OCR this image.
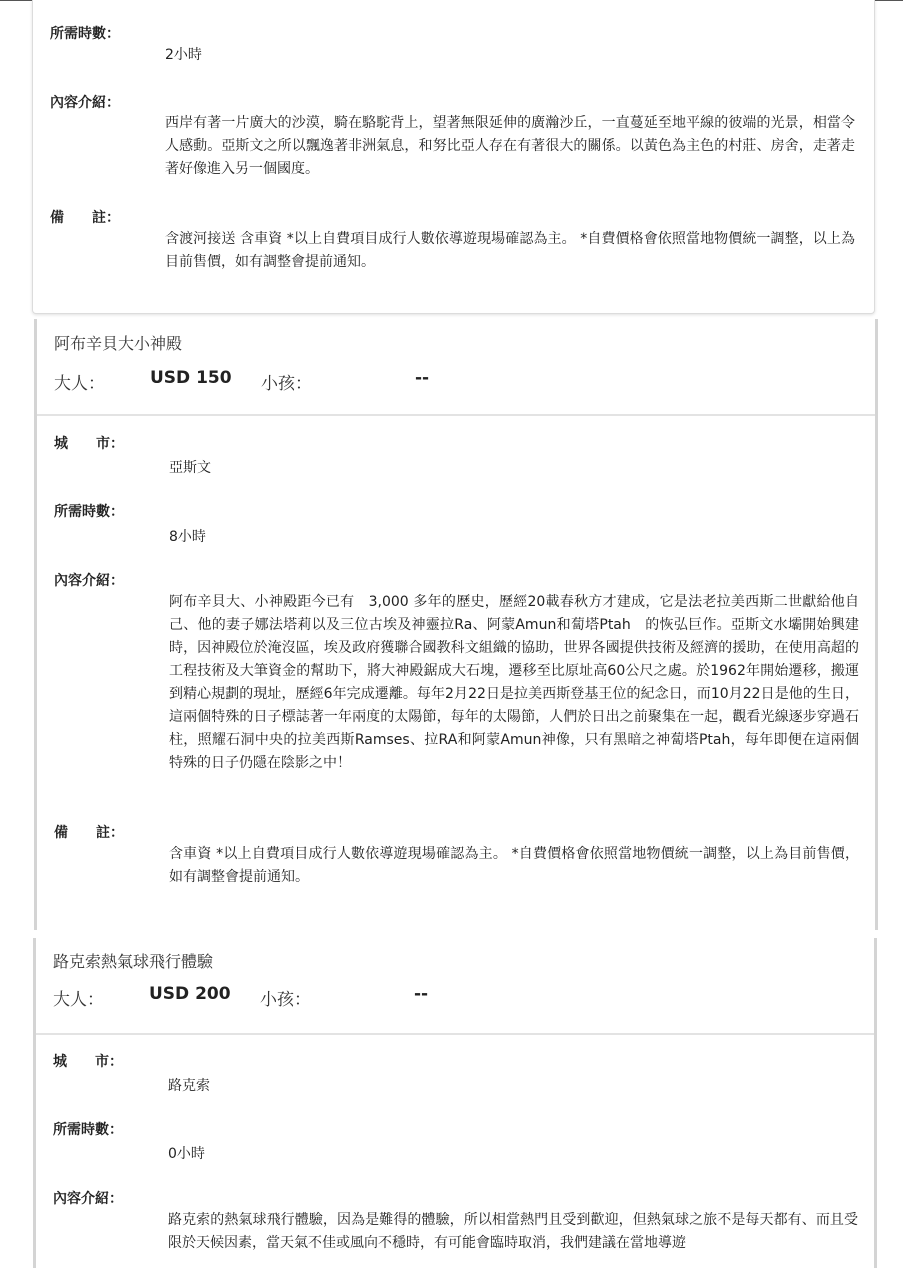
所需時數：
2小時
內容介紹：
西岸有著一片廣大的沙漠，騎在駱駝背上，望著無限延伸的廣瀚沙丘，一直蔓延至地平線的彼端的光景，相當令人感動。亞斯文之所以飄逸著非洲氣息，和努比亞人存在有著很大的關係。以黃色為主色的村莊、房舍，走著走著好像進入另一個國度。
備　　註：
含渡河接送 含車資 *以上自費項目成行人數依導遊現場確認為主。 *自費價格會依照當地物價統一調整，以上為目前售價，如有調整會提前通知。
阿布辛貝大小神殿
大人：	USD 150 小孩：	--
城　　市：
亞斯文
所需時數：
8小時
內容介紹：
阿布辛貝大、小神殿距今已有　3,000 多年的歷史，歷經20載春秋方才建成，它是法老拉美西斯二世獻給他自己、他的妻子娜法塔莉以及三位古埃及神靈拉Ra、阿蒙Amun和蔔塔Ptah　的恢弘巨作。亞斯文水壩開始興建時，因神殿位於淹沒區，埃及政府獲聯合國教科文組織的協助，世界各國提供技術及經濟的援助，在使用高超的工程技術及大筆資金的幫助下，將大神殿鋸成大石塊，遷移至比原址高60公尺之處。於1962年開始遷移，搬運到精心規劃的現址，歷經6年完成遷離。每年2月22日是拉美西斯登基王位的紀念日，而10月22日是他的生日，這兩個特殊的日子標誌著一年兩度的太陽節，每年的太陽節，人們於日出之前聚集在一起，觀看光線逐步穿過石柱，照耀石洞中央的拉美西斯Ramses、拉RA和阿蒙Amun神像，只有黑暗之神蔔塔Ptah，每年即便在這兩個特殊的日子仍隱在陰影之中！
備　　註：
含車資 *以上自費項目成行人數依導遊現場確認為主。 *自費價格會依照當地物價統一調整，以上為目前售價，如有調整會提前通知。
路克索熱氣球飛行體驗
大人：	USD 200 小孩：	--
城　　市：
路克索
所需時數：
0小時
內容介紹：
路克索的熱氣球飛行體驗，因為是難得的體驗，所以相當熱門且受到歡迎，但熱氣球之旅不是每天都有、而且受限於天候因素，當天氣不佳或風向不穩時，有可能會臨時取消，我們建議在當地導遊
